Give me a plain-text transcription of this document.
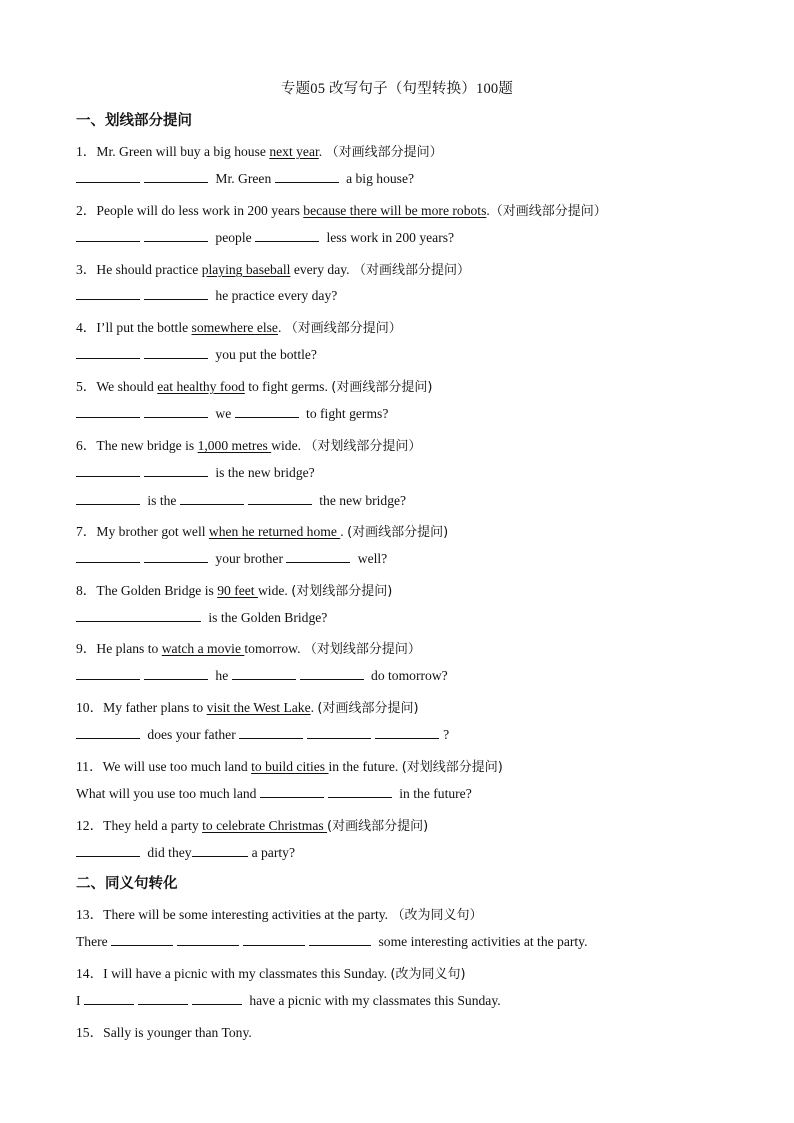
专题05 改写句子（句型转换）100题
一、划线部分提问
1．Mr. Green will buy a big house next year. （对画线部分提问）
Mr. Green	a big house?
2．People will do less work in 200 years because there will be more robots.（对画线部分提问）
people	less work in 200 years?
3．He should practice playing baseball every day. （对画线部分提问）
he practice every day?
4．I’ll put the bottle somewhere else. （对画线部分提问）
you put the bottle?
5．We should eat healthy food to fight germs. (对画线部分提问)
we	to fight germs?
6．The new bridge is 1,000 metres wide. （对划线部分提问）
is the new bridge?
is the	the new bridge?
7．My brother got well when he returned home . (对画线部分提问)
your brother	well?
8．The Golden Bridge is 90 feet wide. (对划线部分提问)
is the Golden Bridge?
9．He plans to watch a movie tomorrow. （对划线部分提问）
he	do tomorrow?
10．My father plans to visit the West Lake. (对画线部分提问)
does your father	?
11．We will use too much land to build cities in the future. (对划线部分提问)
What will you use too much land	in the future?
12．They held a party to celebrate Christmas (对画线部分提问)
did they	a party?
二、同义句转化
13．There will be some interesting activities at the party. （改为同义句）
There	some interesting activities at the party.
14．I will have a picnic with my classmates this Sunday. (改为同义句)
I	have a picnic with my classmates this Sunday.
15．Sally is younger than Tony.
